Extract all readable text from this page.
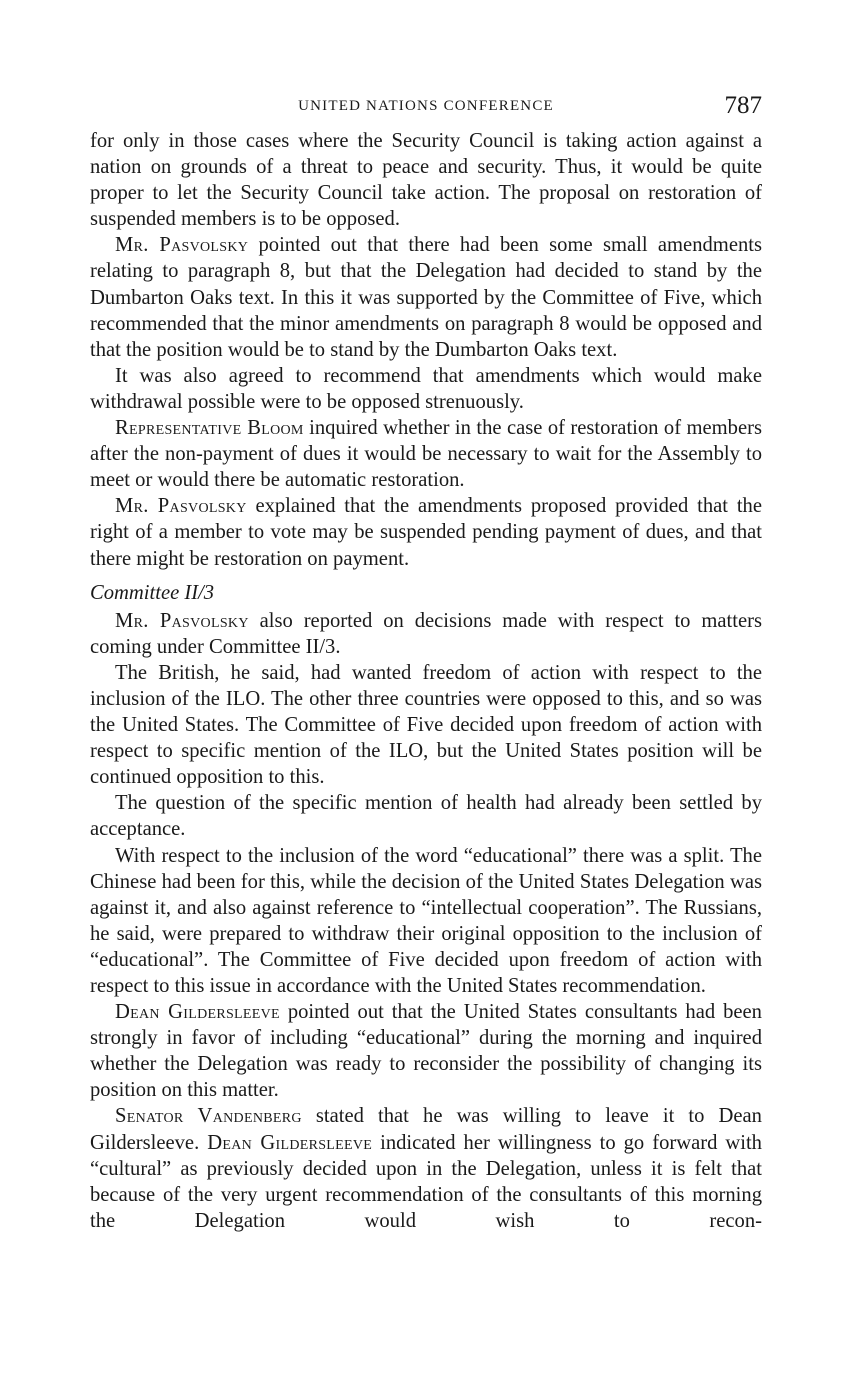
UNITED NATIONS CONFERENCE	787

for only in those cases where the Security Council is taking action against a nation on grounds of a threat to peace and security. Thus, it would be quite proper to let the Security Council take action. The proposal on restoration of suspended members is to be opposed.

Mr. Pasvolsky pointed out that there had been some small amendments relating to paragraph 8, but that the Delegation had decided to stand by the Dumbarton Oaks text. In this it was supported by the Committee of Five, which recommended that the minor amendments on paragraph 8 would be opposed and that the position would be to stand by the Dumbarton Oaks text.

It was also agreed to recommend that amendments which would make withdrawal possible were to be opposed strenuously.

Representative Bloom inquired whether in the case of restoration of members after the non-payment of dues it would be necessary to wait for the Assembly to meet or would there be automatic restoration.

Mr. Pasvolsky explained that the amendments proposed provided that the right of a member to vote may be suspended pending payment of dues, and that there might be restoration on payment.

Committee II/3

Mr. Pasvolsky also reported on decisions made with respect to matters coming under Committee II/3.

The British, he said, had wanted freedom of action with respect to the inclusion of the ILO. The other three countries were opposed to this, and so was the United States. The Committee of Five decided upon freedom of action with respect to specific mention of the ILO, but the United States position will be continued opposition to this.

The question of the specific mention of health had already been settled by acceptance.

With respect to the inclusion of the word “educational” there was a split. The Chinese had been for this, while the decision of the United States Delegation was against it, and also against reference to “intellectual cooperation”. The Russians, he said, were prepared to withdraw their original opposition to the inclusion of “educational”. The Committee of Five decided upon freedom of action with respect to this issue in accordance with the United States recommendation.

Dean Gildersleeve pointed out that the United States consultants had been strongly in favor of including “educational” during the morning and inquired whether the Delegation was ready to reconsider the possibility of changing its position on this matter.

Senator Vandenberg stated that he was willing to leave it to Dean Gildersleeve. Dean Gildersleeve indicated her willingness to go forward with “cultural” as previously decided upon in the Delegation, unless it is felt that because of the very urgent recommendation of the consultants of this morning the Delegation would wish to recon-
